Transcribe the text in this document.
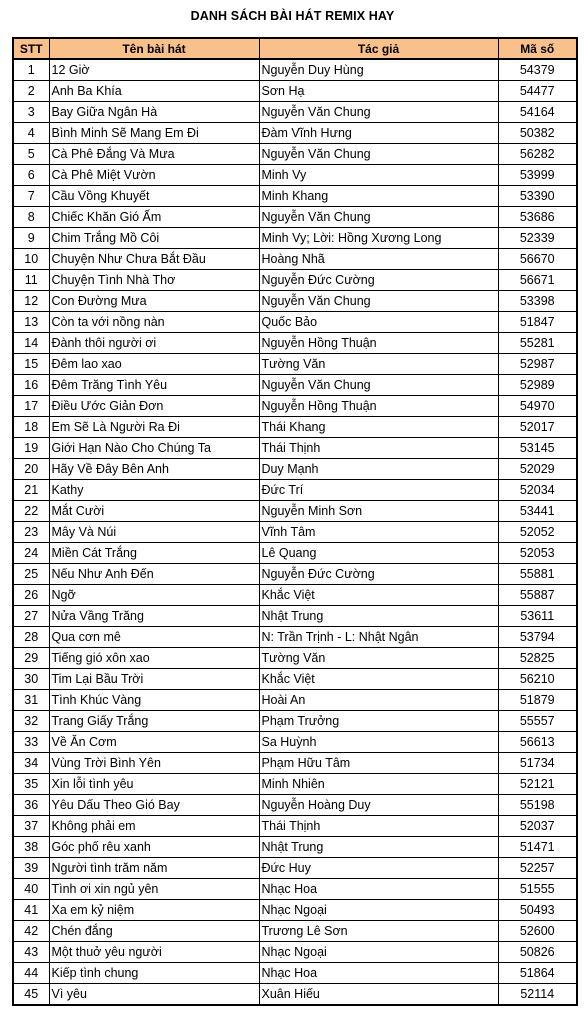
DANH SÁCH BÀI HÁT REMIX HAY
STT	Tên bài hát	Tác giả	Mã số
1	12 Giờ	Nguyễn Duy Hùng	54379
2	Anh Ba Khía	Sơn Hạ	54477
3	Bay Giữa Ngân Hà	Nguyễn Văn Chung	54164
4	Bình Minh Sẽ Mang Em Đi	Đàm Vĩnh Hưng	50382
5	Cà Phê Đắng Và Mưa	Nguyễn Văn Chung	56282
6	Cà Phê Miệt Vườn	Minh Vy	53999
7	Cầu Vồng Khuyết	Minh Khang	53390
8	Chiếc Khăn Gió Ấm	Nguyễn Văn Chung	53686
9	Chim Trắng Mồ Côi	Minh Vy; Lời: Hồng Xương Long	52339
10	Chuyện Như Chưa Bắt Đầu	Hoàng Nhã	56670
11	Chuyện Tình Nhà Thơ	Nguyễn Đức Cường	56671
12	Con Đường Mưa	Nguyễn Văn Chung	53398
13	Còn ta với nồng nàn	Quốc Bảo	51847
14	Đành thôi người ơi	Nguyễn Hồng Thuận	55281
15	Đêm lao xao	Tường Văn	52987
16	Đêm Trăng Tình Yêu	Nguyễn Văn Chung	52989
17	Điều Ước Giản Đơn	Nguyễn Hồng Thuận	54970
18	Em Sẽ Là Người Ra Đi	Thái Khang	52017
19	Giới Hạn Nào Cho Chúng Ta	Thái Thịnh	53145
20	Hãy Về Đây Bên Anh	Duy Mạnh	52029
21	Kathy	Đức Trí	52034
22	Mắt Cười	Nguyễn Minh Sơn	53441
23	Mây Và Núi	Vĩnh Tâm	52052
24	Miền Cát Trắng	Lê Quang	52053
25	Nếu Như Anh Đến	Nguyễn Đức Cường	55881
26	Ngỡ	Khắc Việt	55887
27	Nửa Vầng Trăng	Nhật Trung	53611
28	Qua cơn mê	N: Trần Trịnh - L: Nhật Ngân	53794
29	Tiếng gió xôn xao	Tường Văn	52825
30	Tim Lại Bầu Trời	Khắc Việt	56210
31	Tình Khúc Vàng	Hoài An	51879
32	Trang Giấy Trắng	Phạm Trưởng	55557
33	Về Ăn Cơm	Sa Huỳnh	56613
34	Vùng Trời Bình Yên	Phạm Hữu Tâm	51734
35	Xin lỗi tình yêu	Minh Nhiên	52121
36	Yêu Dấu Theo Gió Bay	Nguyễn Hoàng Duy	55198
37	Không phải em	Thái Thịnh	52037
38	Góc phố rêu xanh	Nhật Trung	51471
39	Người tình trăm năm	Đức Huy	52257
40	Tình ơi xin ngủ yên	Nhạc Hoa	51555
41	Xa em kỷ niệm	Nhạc Ngoại	50493
42	Chén đắng	Trương Lê Sơn	52600
43	Một thuở yêu người	Nhạc Ngoại	50826
44	Kiếp tình chung	Nhạc Hoa	51864
45	Vì yêu	Xuân Hiếu	52114
